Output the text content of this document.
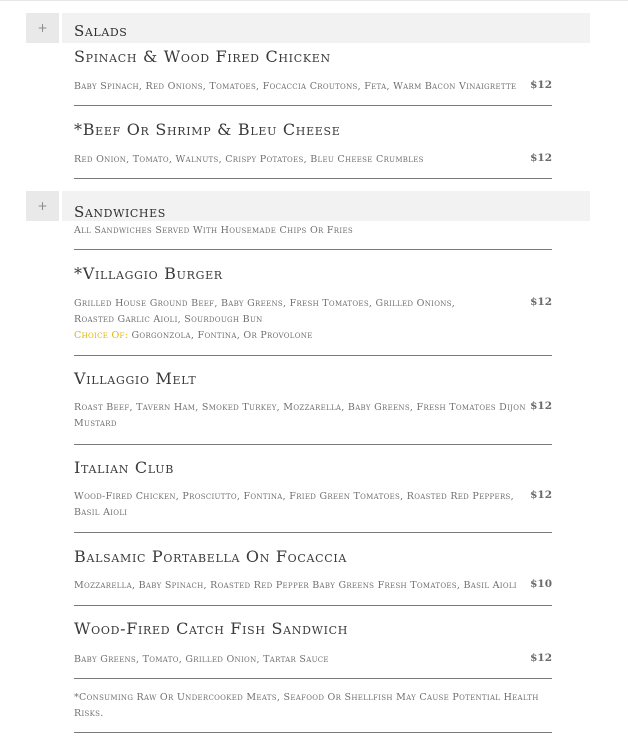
+	Salads
Spinach & Wood Fired Chicken
Baby Spinach, Red Onions, Tomatoes, Focaccia Croutons, Feta, Warm Bacon Vinaigrette $12
*Beef Or Shrimp & Bleu Cheese
Red Onion, Tomato, Walnuts, Crispy Potatoes, Bleu Cheese Crumbles	$12
+	Sandwiches
All Sandwiches Served With Housemade Chips Or Fries
*Villaggio Burger
Grilled House Ground Beef, Baby Greens, Fresh Tomatoes, Grilled Onions, Roasted Garlic Aioli, Sourdough Bun
Choice Of: Gorgonzola, Fontina, Or Provolone
$12
Villaggio Melt
Roast Beef, Tavern Ham, Smoked Turkey, Mozzarella, Baby Greens, Fresh Tomatoes Dijon Mustard
$12
Italian Club
Wood-Fired Chicken, Prosciutto, Fontina, Fried Green Tomatoes, Roasted Red Peppers, Basil Aioli
$12
Balsamic Portabella On Focaccia
Mozzarella, Baby Spinach, Roasted Red Pepper Baby Greens Fresh Tomatoes, Basil Aioli $10
Wood-Fired Catch Fish Sandwich
Baby Greens, Tomato, Grilled Onion, Tartar Sauce	$12
*Consuming Raw Or Undercooked Meats, Seafood Or Shellfish May Cause Potential Health Risks.
